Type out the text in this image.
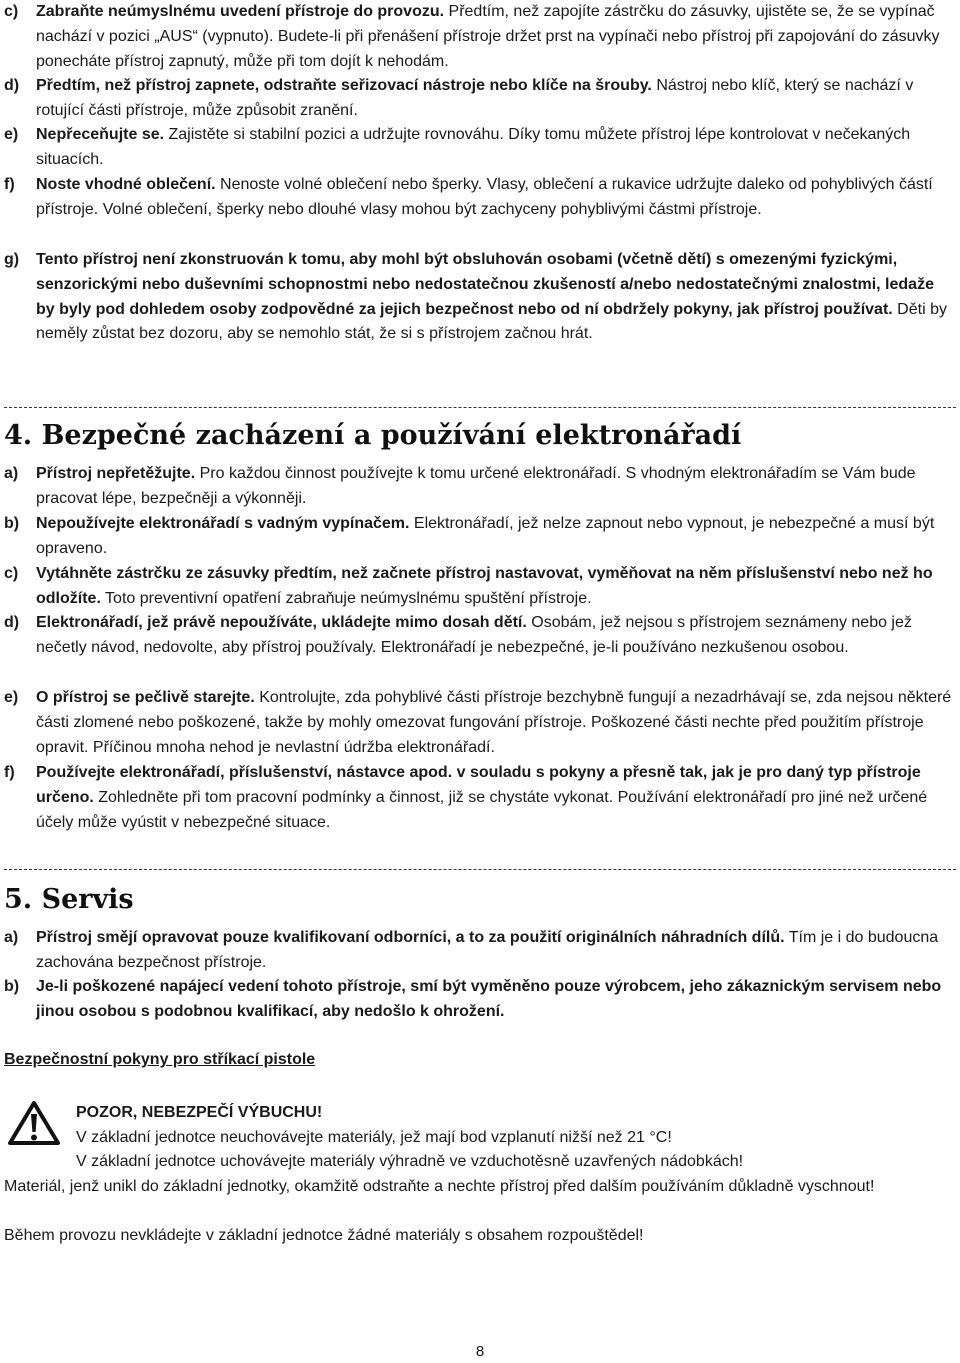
c) Zabraňte neúmyslnému uvedení přístroje do provozu. Předtím, než zapojíte zástrčku do zásuvky, ujistěte se, že se vypínač nachází v pozici „AUS“ (vypnuto). Budete-li při přenášení přístroje držet prst na vypínači nebo přístroj při zapojování do zásuvky ponecháte přístroj zapnutý, může při tom dojít k nehodám.
d) Předtím, než přístroj zapnete, odstraňte seřizovací nástroje nebo klíče na šrouby. Nástroj nebo klíč, který se nachází v rotující části přístroje, může způsobit zranění.
e) Nepřeceňujte se. Zajistěte si stabilní pozici a udržujte rovnováhu. Díky tomu můžete přístroj lépe kontrolovat v nečekaných situacích.
f) Noste vhodné oblečení. Nenoste volné oblečení nebo šperky. Vlasy, oblečení a rukavice udržujte daleko od pohyblivých částí přístroje. Volné oblečení, šperky nebo dlouhé vlasy mohou být zachyceny pohyblivými částmi přístroje.
g) Tento přístroj není zkonstruován k tomu, aby mohl být obsluhován osobami (včetně dětí) s omezenými fyzickými, senzorickými nebo duševními schopnostmi nebo nedostatečnou zkušeností a/nebo nedostatečnými znalostmi, ledaže by byly pod dohledem osoby zodpovědné za jejich bezpečnost nebo od ní obdržely pokyny, jak přístroj používat. Děti by neměly zůstat bez dozoru, aby se nemohlo stát, že si s přístrojem začnou hrát.
4. Bezpečné zacházení a používání elektronářadí
a) Přístroj nepřetěžujte. Pro každou činnost používejte k tomu určené elektronářadí. S vhodným elektronářadím se Vám bude pracovat lépe, bezpečněji a výkonněji.
b) Nepoužívejte elektronářadí s vadným vypínačem. Elektronářadí, jež nelze zapnout nebo vypnout, je nebezpečné a musí být opraveno.
c) Vytáhněte zástrčku ze zásuvky předtím, než začnete přístroj nastavovat, vyměňovat na něm příslušenství nebo než ho odložíte. Toto preventivní opatření zabraňuje neúmyslnému spuštění přístroje.
d) Elektronářadí, jež právě nepoužíváte, ukládejte mimo dosah dětí. Osobám, jež nejsou s přístrojem seznámeny nebo jež nečetly návod, nedovolte, aby přístroj používaly. Elektronářadí je nebezpečné, je-li používáno nezkušenou osobou.
e) O přístroj se pečlivě starejte. Kontrolujte, zda pohyblivé části přístroje bezchybně fungují a nezadrhávají se, zda nejsou některé části zlomené nebo poškozené, takže by mohly omezovat fungování přístroje. Poškozené části nechte před použitím přístroje opravit. Příčinou mnoha nehod je nevlastní údržba elektronářadí.
f) Používejte elektronářadí, příslušenství, nástavce apod. v souladu s pokyny a přesně tak, jak je pro daný typ přístroje určeno. Zohledněte při tom pracovní podmínky a činnost, již se chystáte vykonat. Používání elektronářadí pro jiné než určené účely může vyústit v nebezpečné situace.
5. Servis
a) Přístroj smějí opravovat pouze kvalifikovaní odborníci, a to za použití originálních náhradních dílů. Tím je i do budoucna zachována bezpečnost přístroje.
b) Je-li poškozené napájecí vedení tohoto přístroje, smí být vyměněno pouze výrobcem, jeho zákaznickým servisem nebo jinou osobou s podobnou kvalifikací, aby nedošlo k ohrožení.
Bezpečnostní pokyny pro stříkací pistole
POZOR, NEBEZPEČÍ VÝBUCHU!
V základní jednotce neuchovávejte materiály, jež mají bod vzplanutí nižší než 21 °C!
V základní jednotce uchovávejte materiály výhradně ve vzduchotěsně uzavřených nádobkách!
Materiál, jenž unikl do základní jednotky, okamžitě odstraňte a nechte přístroj před dalším používáním důkladně vyschnout!
Během provozu nevkládejte v základní jednotce žádné materiály s obsahem rozpouštědel!
8
